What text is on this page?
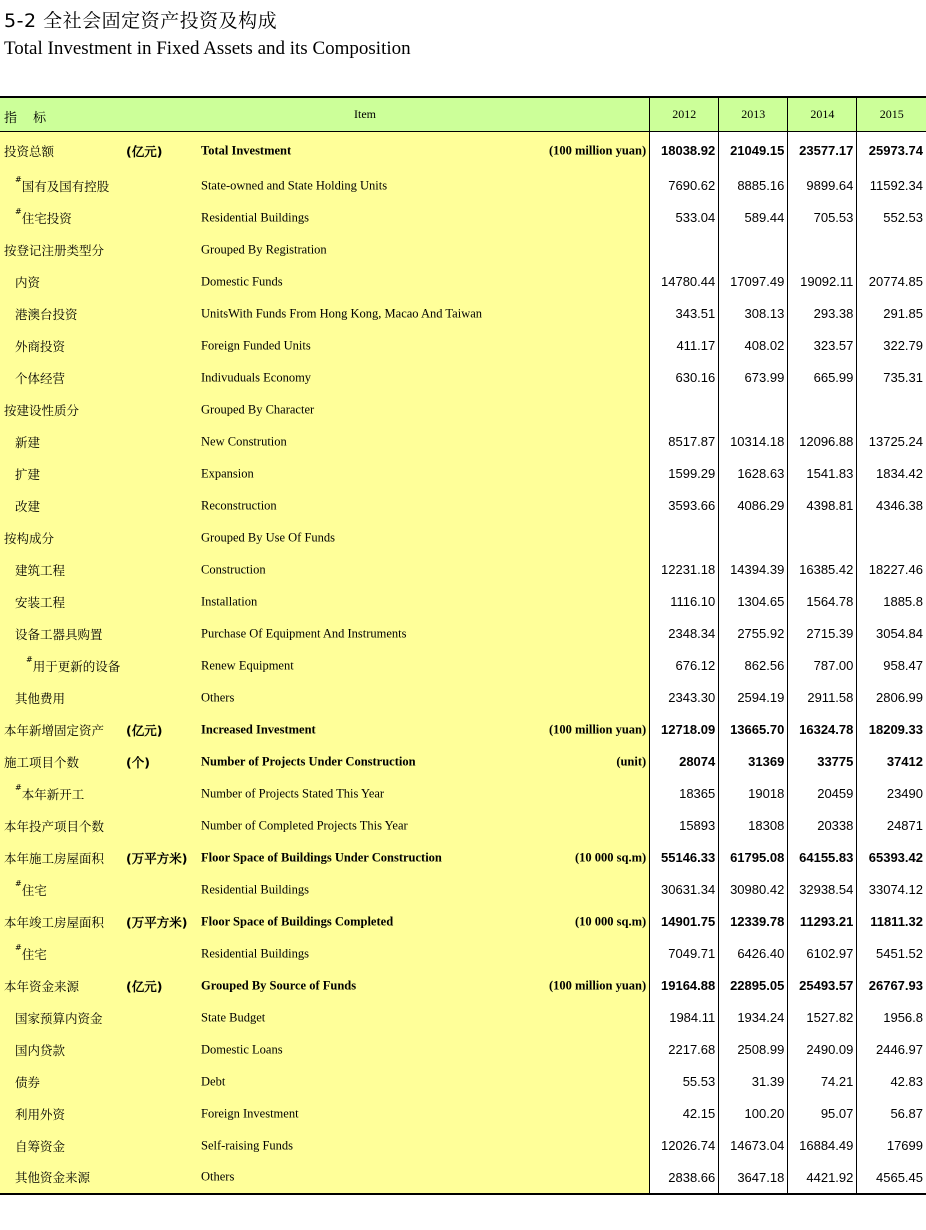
5-2 全社会固定资产投资及构成
Total Investment in Fixed Assets and its Composition
指 标 Item	2012	2013	2014	2015

投资总额 (亿元) Total Investment (100 million yuan)	18038.92	21049.15	23577.17	25973.74

#国有及国有控股 State-owned and State Holding Units	7690.62	8885.16	9899.64	11592.34

#住宅投资 Residential Buildings	533.04	589.44	705.53	552.53

按登记注册类型分 Grouped By Registration				

内资 Domestic Funds	14780.44	17097.49	19092.11	20774.85

港澳台投资 UnitsWith Funds From Hong Kong, Macao And Taiwan	343.51	308.13	293.38	291.85

外商投资 Foreign Funded Units	411.17	408.02	323.57	322.79

个体经营 Indivuduals Economy	630.16	673.99	665.99	735.31

按建设性质分 Grouped By Character				

新建 New Constrution	8517.87	10314.18	12096.88	13725.24

扩建 Expansion	1599.29	1628.63	1541.83	1834.42

改建 Reconstruction	3593.66	4086.29	4398.81	4346.38

按构成分 Grouped By Use Of Funds				

建筑工程 Construction	12231.18	14394.39	16385.42	18227.46

安装工程 Installation	1116.10	1304.65	1564.78	1885.8

设备工器具购置 Purchase Of Equipment And Instruments	2348.34	2755.92	2715.39	3054.84

#用于更新的设备 Renew Equipment	676.12	862.56	787.00	958.47

其他费用 Others	2343.30	2594.19	2911.58	2806.99

本年新增固定资产 (亿元) Increased Investment (100 million yuan)	12718.09	13665.70	16324.78	18209.33

施工项目个数 (个) Number of Projects Under Construction (unit)	28074	31369	33775	37412

#本年新开工 Number of Projects Stated This Year	18365	19018	20459	23490

本年投产项目个数 Number of Completed Projects This Year	15893	18308	20338	24871

本年施工房屋面积 (万平方米) Floor Space of Buildings Under Construction (10 000 sq.m)	55146.33	61795.08	64155.83	65393.42

#住宅 Residential Buildings	30631.34	30980.42	32938.54	33074.12

本年竣工房屋面积 (万平方米) Floor Space of Buildings Completed (10 000 sq.m)	14901.75	12339.78	11293.21	11811.32

#住宅 Residential Buildings	7049.71	6426.40	6102.97	5451.52

本年资金来源 (亿元) Grouped By Source of Funds (100 million yuan)	19164.88	22895.05	25493.57	26767.93

国家预算内资金 State Budget	1984.11	1934.24	1527.82	1956.8

国内贷款 Domestic Loans	2217.68	2508.99	2490.09	2446.97

债券 Debt	55.53	31.39	74.21	42.83

利用外资 Foreign Investment	42.15	100.20	95.07	56.87

自筹资金 Self-raising Funds	12026.74	14673.04	16884.49	17699

其他资金来源 Others	2838.66	3647.18	4421.92	4565.45
